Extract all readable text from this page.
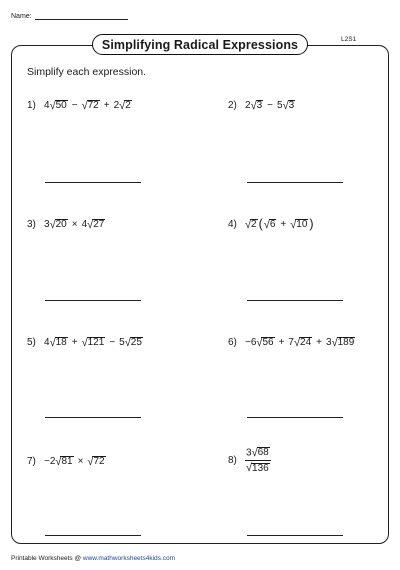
Name:
Simplifying Radical Expressions	L2S1
Simplify each expression.
1) 4 √ 50 − √ 72 + 2 √ 2	2) 2 √ 3 − 5 √ 3
3) 3 √ 20 × 4 √ 27	4) √ 2 ( √ 6 + √ 10 )
5) 4 √ 18 + √ 121 − 5 √ 25	6) −6 √ 56 + 7 √ 24 + 3 √ 189
7) −2 √ 81 × √ 72	$8) \frac{3 √ 68}{√ 136}$
Printable Worksheets @ www.mathworksheets4kids.com
